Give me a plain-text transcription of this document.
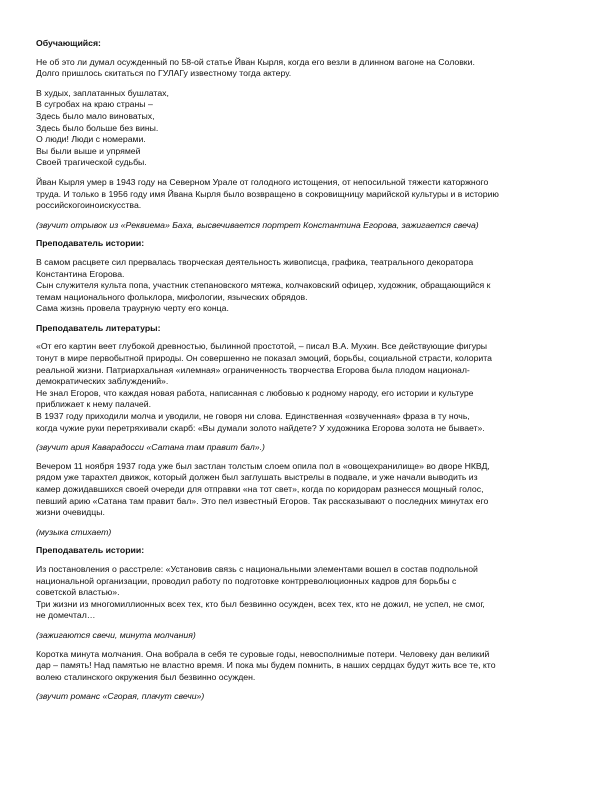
Обучающийся:
Не об это ли думал осужденный по 58-ой статье Йван Кырля, когда его везли в длинном вагоне на Соловки.
Долго пришлось скитаться по ГУЛАГу известному тогда актеру.
В худых, заплатанных бушлатах,
В сугробах на краю страны –
Здесь было мало виноватых,
Здесь было больше без вины.
О люди! Люди с номерами.
Вы были выше и упрямей
Своей трагической судьбы.
Йван Кырля умер в 1943 году на Северном Урале от голодного истощения, от непосильной тяжести каторжного
труда. И только в 1956 году имя Йвана Кырля было возвращено в сокровищницу марийской культуры и в историю
российскогоиноискусства.
(звучит отрывок из «Реквиема» Баха, высвечивается портрет Константина Егорова, зажигается свеча)
Преподаватель истории:
В самом расцвете сил прервалась творческая деятельность живописца, графика, театрального декоратора
Константина Егорова.
Сын служителя культа попа, участник степановского мятежа, колчаковский офицер, художник, обращающийся к
темам национального фольклора, мифологии, языческих обрядов.
Сама жизнь провела траурную черту его конца.
Преподаватель литературы:
«От его картин веет глубокой древностью, былинной простотой, – писал В.А. Мухин. Все действующие фигуры
тонут в мире первобытной природы. Он совершенно не показал эмоций, борьбы, социальной страсти, колорита
реальной жизни. Патриархальная «илемная» ограниченность творчества Егорова была плодом национал-
демократических заблуждений».
Не знал Егоров, что каждая новая работа, написанная с любовью к родному народу, его истории и культуре
приближает к нему палачей.
В 1937 году приходили молча и уводили, не говоря ни слова. Единственная «озвученная» фраза в ту ночь,
когда чужие руки перетряхивали скарб: «Вы думали золото найдете? У художника Егорова золота не бывает».
(звучит ария Каварадосси «Сатана там правит бал».)
Вечером 11 ноября 1937 года уже был застлан толстым слоем опила пол в «овощехранилище» во дворе НКВД,
рядом уже тарахтел движок, который должен был заглушать выстрелы в подвале, и уже начали выводить из
камер дожидавшихся своей очереди для отправки «на тот свет», когда по коридорам разнесся мощный голос,
певший арию «Сатана там правит бал». Это пел известный Егоров. Так рассказывают о последних минутах его
жизни очевидцы.
(музыка стихает)
Преподаватель истории:
Из постановления о расстреле: «Установив связь с национальными элементами вошел в состав подпольной
национальной организации, проводил работу по подготовке контрреволюционных кадров для борьбы с
советской властью».
Три жизни из многомиллионных всех тех, кто был безвинно осужден, всех тех, кто не дожил, не успел, не смог,
не домечтал…
(зажигаются свечи, минута молчания)
Коротка минута молчания. Она вобрала в себя те суровые годы, невосполнимые потери. Человеку дан великий
дар – память! Над памятью не властно время. И пока мы будем помнить, в наших сердцах будут жить все те, кто
волею сталинского окружения был безвинно осужден.
(звучит романс «Сгорая, плачут свечи»)
